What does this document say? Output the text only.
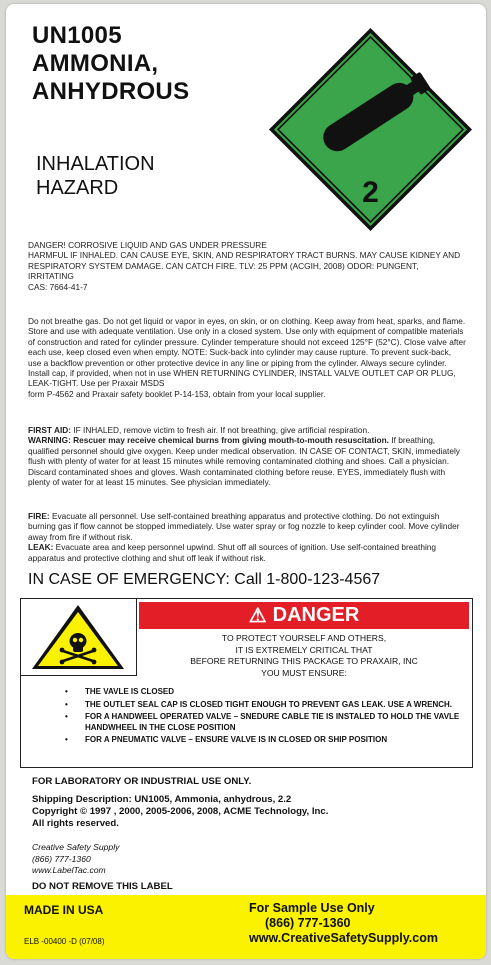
UN1005
AMMONIA,
ANHYDROUS
INHALATION
HAZARD	2

DANGER! CORROSIVE LIQUID AND GAS UNDER PRESSURE

HARMFUL IF INHALED. CAN CAUSE EYE, SKIN, AND RESPIRATORY TRACT BURNS. MAY CAUSE KIDNEY AND RESPIRATORY SYSTEM DAMAGE. CAN CATCH FIRE. TLV: 25 PPM (ACGIH, 2008) ODOR: PUNGENT, IRRITATING

CAS: 7664-41-7

Do not breathe gas. Do not get liquid or vapor in eyes, on skin, or on clothing. Keep away from heat, sparks, and flame. Store and use with adequate ventilation. Use only in a closed system. Use only with equipment of compatible materials of construction and rated for cylinder pressure. Cylinder temperature should not exceed 125°F (52°C). Close valve after each use, keep closed even when empty. NOTE: Suck-back into cylinder may cause rupture. To prevent suck-back, use a backflow prevention or other protective device in any line or piping from the cylinder. Always secure cylinder. Install cap, if provided, when not in use WHEN RETURNING CYLINDER, INSTALL VALVE OUTLET CAP OR PLUG, LEAK-TIGHT. Use per Praxair MSDS

form P-4562 and Praxair safety booklet P-14-153, obtain from your local supplier.

FIRST AID: IF INHALED, remove victim to fresh air. If not breathing, give artificial respiration.
WARNING: Rescuer may receive chemical burns from giving mouth-to-mouth resuscitation. If breathing, qualified personnel should give oxygen. Keep under medical observation. IN CASE OF CONTACT, SKIN, immediately flush with plenty of water for at least 15 minutes while removing contaminated clothing and shoes. Call a physician. Discard contaminated shoes and gloves. Wash contaminated clothing before reuse. EYES, immediately flush with plenty of water for at least 15 minutes. See physician immediately.

FIRE: Evacuate all personnel. Use self-contained breathing apparatus and protective clothing. Do not extinguish burning gas if flow cannot be stopped immediately. Use water spray or fog nozzle to keep cylinder cool. Move cylinder away from fire if without risk.

LEAK: Evacuate area and keep personnel upwind. Shut off all sources of ignition. Use self-contained breathing apparatus and protective clothing and shut off leak if without risk.

IN CASE OF EMERGENCY: Call 1-800-123-4567
⚠ DANGER
TO PROTECT YOURSELF AND OTHERS,
IT IS EXTREMELY CRITICAL THAT
BEFORE RETURNING THIS PACKAGE TO PRAXAIR, INC
YOU MUST ENSURE:
• THE VAVLE IS CLOSED
• THE OUTLET SEAL CAP IS CLOSED TIGHT ENOUGH TO PREVENT GAS LEAK. USE A WRENCH.
• FOR A HANDWEEL OPERATED VALVE – SNEDURE CABLE TIE IS INSTALED TO HOLD THE VAVLE HANDWHEEL IN THE CLOSE POSITION
• FOR A PNEUMATIC VALVE – ENSURE VALVE IS IN CLOSED OR SHIP POSITION

FOR LABORATORY OR INDUSTRIAL USE ONLY.

Shipping Description: UN1005, Ammonia, anhydrous, 2.2

Copyright © 1997 , 2000, 2005-2006, 2008, ACME Technology, Inc.

All rights reserved.

Creative Safety Supply
(866) 777-1360
www.LabelTac.com
DO NOT REMOVE THIS LABEL
MADE IN USA
ELB -00400 -D (07/08)
For Sample Use Only
(866) 777-1360
www.CreativeSafetySupply.com
